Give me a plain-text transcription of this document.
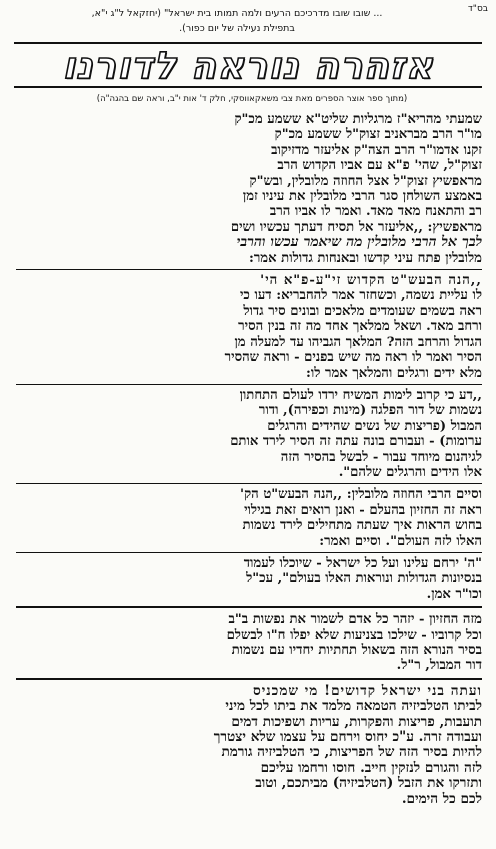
בס"ד
... שובו שובו מדרכיכם הרעים ולמה תמותו בית ישראל" (יחזקאל ל"ג י"א,
בתפילת נעילה של יום כפור).
אזהרה נוראה לדורנו
(מתוך ספר אוצר הספרים מאת צבי משאקאווסקי, חלק ד' אות י"ב, וראה שם בהגה"ה)

שמעתי מהריא"ז מרגליות שליט"א ששמע מכ"ק
מו"ר הרב מבראניב זצוק"ל ששמע מכ"ק
זקנו אדמו"ר הרב הצה"ק אליעזר מדזיקוב
זצוק"ל, שהי' פ"א עם אביו הקדוש הרב
מראפשיץ זצוק"ל אצל החוזה מלובלין, ובש"ק
באמצע השולחן סגר הרבי מלובלין את עיניו זמן
רב והתאנח מאד מאד. ואמר לו אביו הרב
מראפשיץ: ,,אליעזר אל תסיח דעתך עכשיו ושים
לבך אל הרבי מלובלין מה שיאמר עכשו והרבי
מלובלין פתח עיני קדשו ובאנחות גדולות אמר:

,,הנה הבעש"ט הקדוש זי"ע-פ"א הי'
לו עליית נשמה, וכשחזר אמר להחבריא: דעו כי
ראה בשמים שעומדים מלאכים ובונים סיר גדול
ורחב מאד. ושאל ממלאך אחד מה זה בנין הסיר
הגדול והרחב הזה? המלאך הגביהו עד למעלה מן
הסיר ואמר לו ראה מה שיש בפנים - וראה שהסיר
מלא ידים ורגלים והמלאך אמר לו:

,,דע כי קרוב לימות המשיח ירדו לעולם התחתון
נשמות של דור הפלגה (מינות וכפירה), ודור
המבול (פריצות של נשים שהידים והרגלים
ערומות) - ועבורם בונה עתה זה הסיר לירד אותם
לגיהנום מיוחד עבור - לבשל בהסיר הזה
אלו הידים והרגלים שלהם".

וסיים הרבי החוזה מלובלין: ,,הנה הבעש"ט הק'
ראה זה החזיון בהעלם - ואנן רואים זאת בגילוי
בחוש הראות איך שעתה מתחילים לירד נשמות
האלו לזה העולם". וסיים ואמר:

"ה' ירחם עלינו ועל כל ישראל - שיוכלו לעמוד
בנסיונות הגדולות ונוראות האלו בעולם", עכ"ל
וכו"ר אמן.

מזה החזיון - יזהר כל אדם לשמור את נפשות ב"ב
וכל קרוביו - שילכו בצניעות שלא יפלו ח"ו לבשלם
בסיר הנורא הזה בשאול תחתיות יחדיו עם נשמות
דור המבול, ר"ל.

ועתה בני ישראל קדושים! מי שמכניס
לביתו הטלביזיה הטמאה מלמד את ביתו לכל מיני
תועבות, פריצות והפקרות, עריות ושפיכות דמים
ועבודה זרה. ע"כ יחוס וירחם על עצמו שלא יצטרך
להיות בסיר הזה של הפריצות, כי הטלביזיה גורמת
לזה והגורם לנזקין חייב. חוסו ורחמו עליכם
ותזרקו את הזבל (הטלביזיה) מביתכם, וטוב
לכם כל הימים.
